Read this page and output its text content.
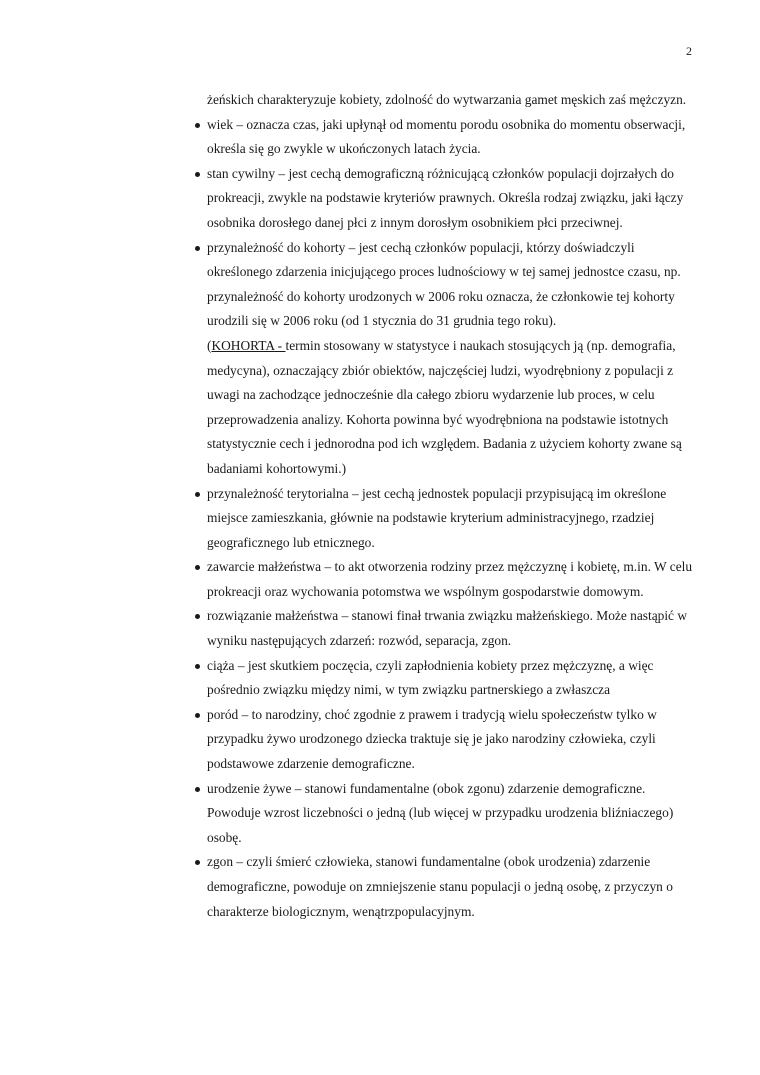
2

żeńskich charakteryzuje kobiety, zdolność do wytwarzania gamet męskich zaś mężczyzn.

wiek – oznacza czas, jaki upłynął od momentu porodu osobnika do momentu obserwacji, określa się go zwykle w ukończonych latach życia.
stan cywilny – jest cechą demograficzną różnicującą członków populacji dojrzałych do prokreacji, zwykle na podstawie kryteriów prawnych. Określa rodzaj związku, jaki łączy osobnika dorosłego danej płci z innym dorosłym osobnikiem płci przeciwnej.
przynależność do kohorty – jest cechą członków populacji, którzy doświadczyli określonego zdarzenia inicjującego proces ludnościowy w tej samej jednostce czasu, np. przynależność do kohorty urodzonych w 2006 roku oznacza, że członkowie tej kohorty urodzili się w 2006 roku (od 1 stycznia do 31 grudnia tego roku).
(KOHORTA - termin stosowany w statystyce i naukach stosujących ją (np. demografia, medycyna), oznaczający zbiór obiektów, najczęściej ludzi, wyodrębniony z populacji z uwagi na zachodzące jednocześnie dla całego zbioru wydarzenie lub proces, w celu przeprowadzenia analizy. Kohorta powinna być wyodrębniona na podstawie istotnych statystycznie cech i jednorodna pod ich względem. Badania z użyciem kohorty zwane są badaniami kohortowymi.)
przynależność terytorialna – jest cechą jednostek populacji przypisującą im określone miejsce zamieszkania, głównie na podstawie kryterium administracyjnego, rzadziej geograficznego lub etnicznego.
zawarcie małżeństwa – to akt otworzenia rodziny przez mężczyznę i kobietę, m.in. W celu prokreacji oraz wychowania potomstwa we wspólnym gospodarstwie domowym.
rozwiązanie małżeństwa – stanowi finał trwania związku małżeńskiego. Może nastąpić w wyniku następujących zdarzeń: rozwód, separacja, zgon.
ciąża – jest skutkiem poczęcia, czyli zapłodnienia kobiety przez mężczyznę, a więc pośrednio związku między nimi, w tym związku partnerskiego a zwłaszcza
poród – to narodziny, choć zgodnie z prawem i tradycją wielu społeczeństw tylko w przypadku żywo urodzonego dziecka traktuje się je jako narodziny człowieka, czyli podstawowe zdarzenie demograficzne.
urodzenie żywe – stanowi fundamentalne (obok zgonu) zdarzenie demograficzne. Powoduje wzrost liczebności o jedną (lub więcej w przypadku urodzenia bliźniaczego) osobę.
zgon – czyli śmierć człowieka, stanowi fundamentalne (obok urodzenia) zdarzenie demograficzne, powoduje on zmniejszenie stanu populacji o jedną osobę, z przyczyn o charakterze biologicznym, wenątrzpopulacyjnym.
